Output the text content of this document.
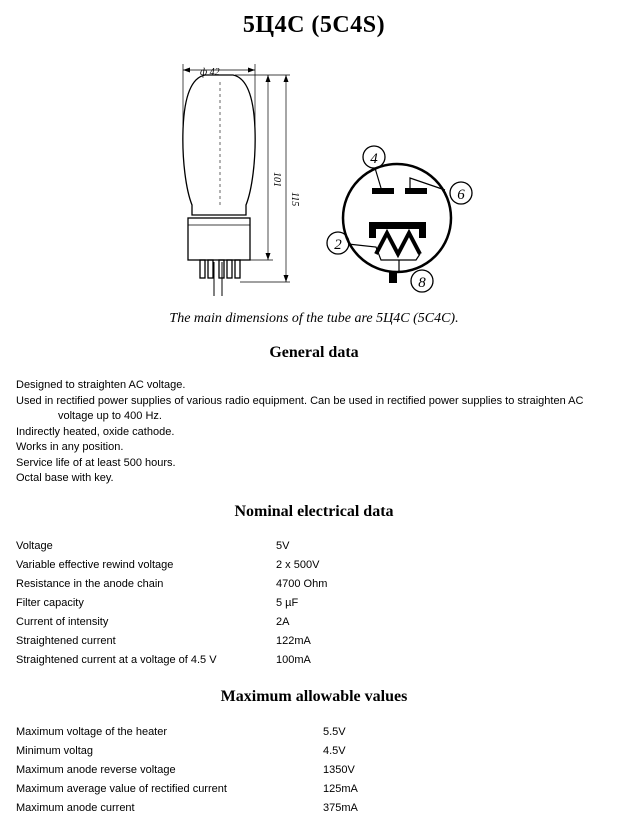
5Ц4С (5С4S)
ф 42
101
115
4
6
2
8
The main dimensions of the tube are 5Ц4С (5С4С).
General data

Designed to straighten AC voltage.

Used in rectified power supplies of various radio equipment. Can be used in rectified power supplies to straighten AC

voltage up to 400 Hz.

Indirectly heated, oxide cathode.

Works in any position.

Service life of at least 500 hours.

Octal base with key.

Nominal electrical data
Voltage	5V
Variable effective rewind voltage	2 x 500V
Resistance in the anode chain	4700 Ohm
Filter capacity	5 µF
Current of intensity	2A
Straightened current	122mA
Straightened current at a voltage of 4.5 V	100mA
Maximum allowable values
Maximum voltage of the heater	5.5V
Minimum voltag	4.5V
Maximum anode reverse voltage	1350V
Maximum average value of rectified current	125mA
Maximum anode current	375mA
